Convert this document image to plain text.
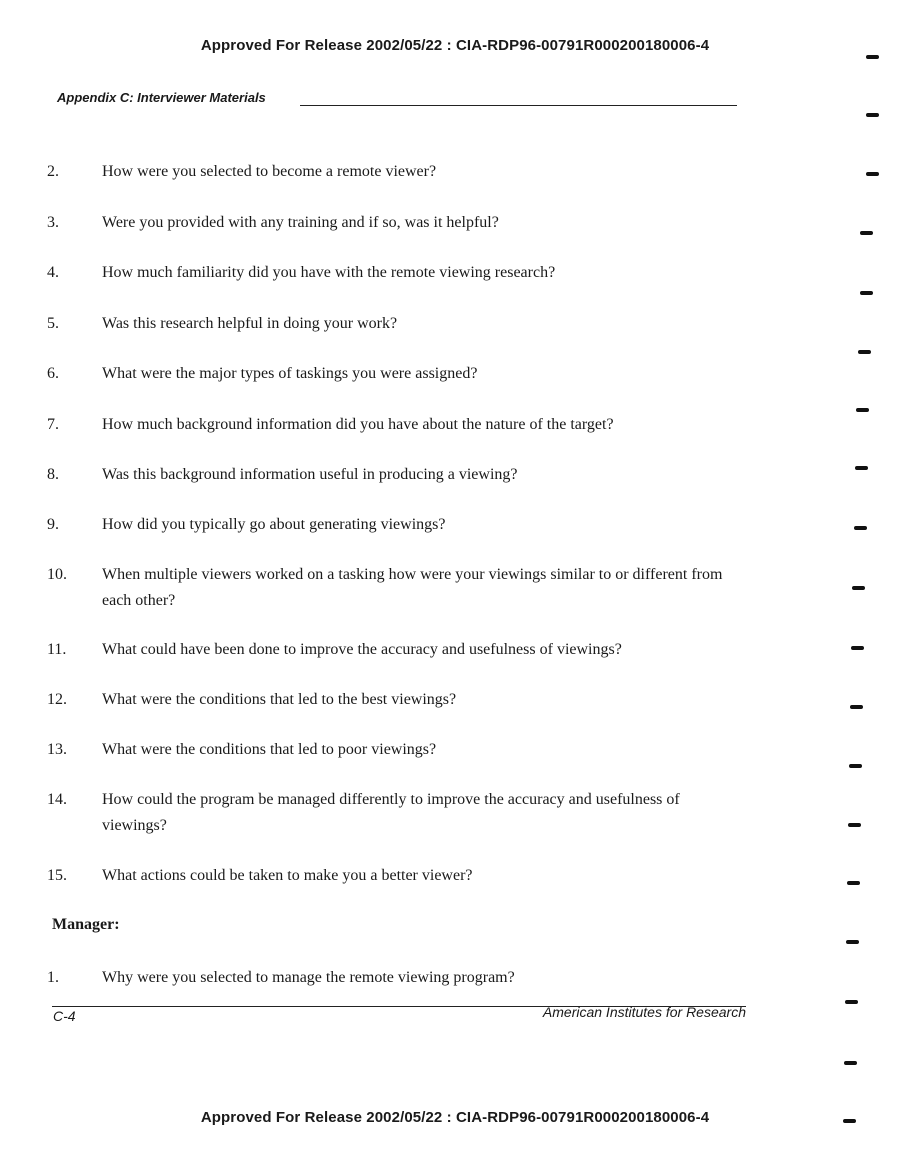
Approved For Release 2002/05/22 : CIA-RDP96-00791R000200180006-4
Appendix C: Interviewer Materials
2.	How were you selected to become a remote viewer?
3.	Were you provided with any training and if so, was it helpful?
4.	How much familiarity did you have with the remote viewing research?
5.	Was this research helpful in doing your work?
6.	What were the major types of taskings you were assigned?
7.	How much background information did you have about the nature of the target?
8.	Was this background information useful in producing a viewing?
9.	How did you typically go about generating viewings?
10. When multiple viewers worked on a tasking how were your viewings similar to or different from each other?
11. What could have been done to improve the accuracy and usefulness of viewings?
12. What were the conditions that led to the best viewings?
13. What were the conditions that led to poor viewings?
14. How could the program be managed differently to improve the accuracy and usefulness of viewings?
15. What actions could be taken to make you a better viewer?
Manager:
1.	Why were you selected to manage the remote viewing program?
C-4	American Institutes for Research
Approved For Release 2002/05/22 : CIA-RDP96-00791R000200180006-4
